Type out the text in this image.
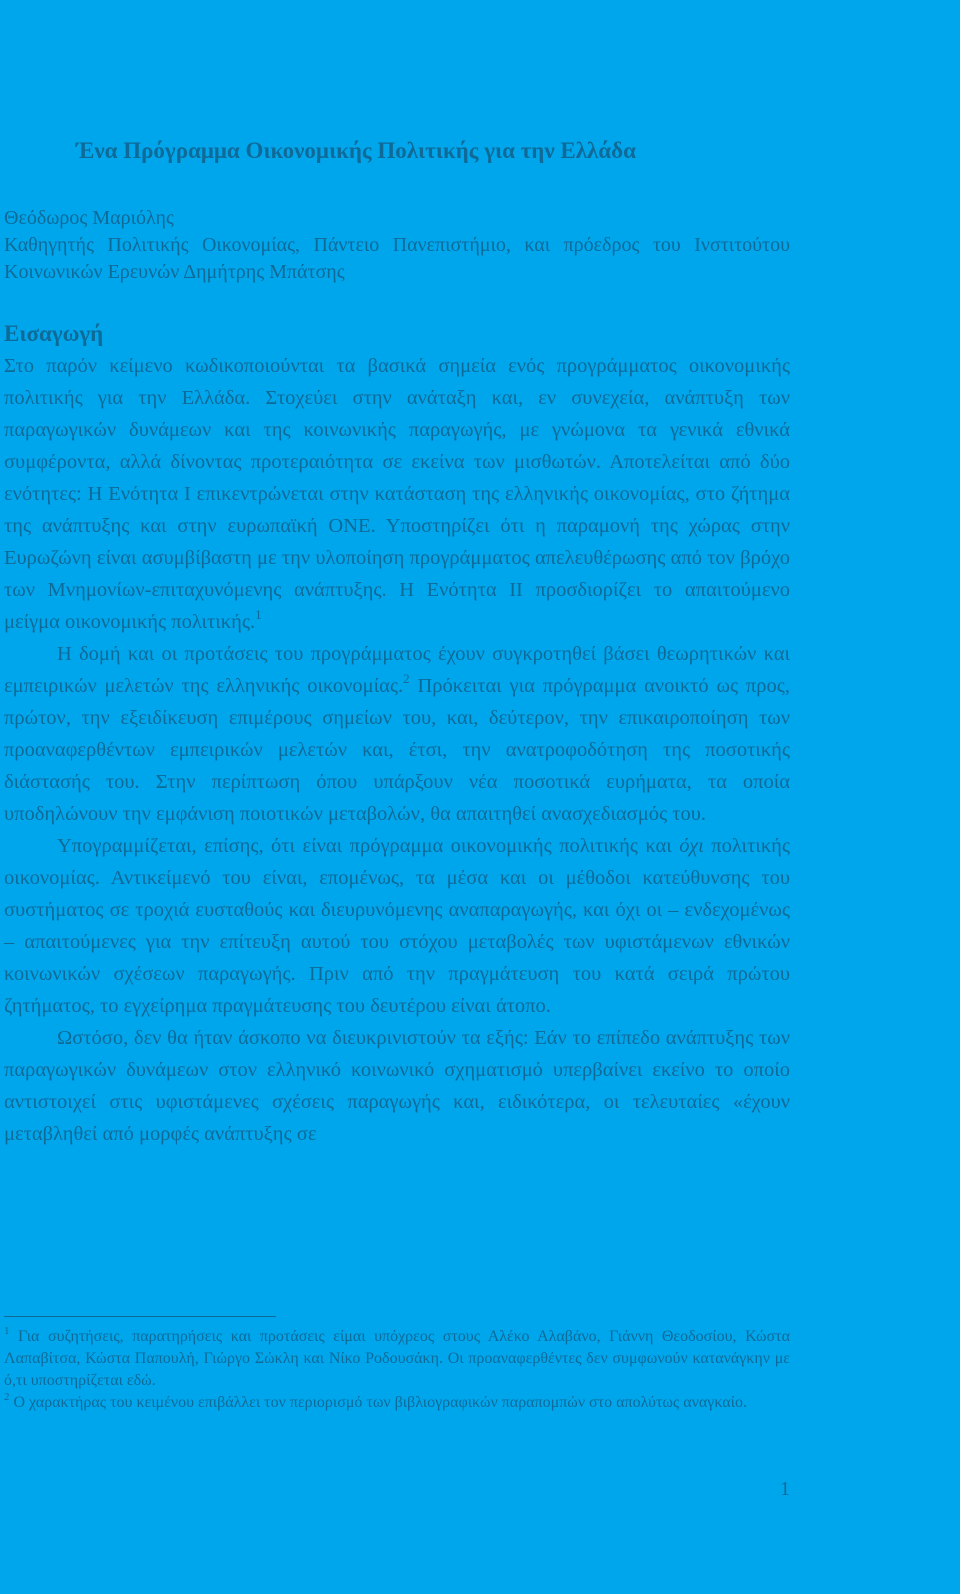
Ένα Πρόγραμμα Οικονομικής Πολιτικής για την Ελλάδα

Θεόδωρος Μαριόλης

Καθηγητής Πολιτικής Οικονομίας, Πάντειο Πανεπιστήμιο, και πρόεδρος του Ινστιτούτου Κοινωνικών Ερευνών Δημήτρης Μπάτσης

Εισαγωγή

Στο παρόν κείμενο κωδικοποιούνται τα βασικά σημεία ενός προγράμματος οικονομικής πολιτικής για την Ελλάδα. Στοχεύει στην ανάταξη και, εν συνεχεία, ανάπτυξη των παραγωγικών δυνάμεων και της κοινωνικής παραγωγής, με γνώμονα τα γενικά εθνικά συμφέροντα, αλλά δίνοντας προτεραιότητα σε εκείνα των μισθωτών. Αποτελείται από δύο ενότητες: Η Ενότητα Ι επικεντρώνεται στην κατάσταση της ελληνικής οικονομίας, στο ζήτημα της ανάπτυξης και στην ευρωπαϊκή ΟΝΕ. Υποστηρίζει ότι η παραμονή της χώρας στην Ευρωζώνη είναι ασυμβίβαστη με την υλοποίηση προγράμματος απελευθέρωσης από τον βρόχο των Μνημονίων-επιταχυνόμενης ανάπτυξης. Η Ενότητα ΙΙ προσδιορίζει το απαιτούμενο μείγμα οικονομικής πολιτικής.$^1$

Η δομή και οι προτάσεις του προγράμματος έχουν συγκροτηθεί βάσει θεωρητικών και εμπειρικών μελετών της ελληνικής οικονομίας.$^2$ Πρόκειται για πρόγραμμα ανοικτό ως προς, πρώτον, την εξειδίκευση επιμέρους σημείων του, και, δεύτερον, την επικαιροποίηση των προαναφερθέντων εμπειρικών μελετών και, έτσι, την ανατροφοδότηση της ποσοτικής διάστασής του. Στην περίπτωση όπου υπάρξουν νέα ποσοτικά ευρήματα, τα οποία υποδηλώνουν την εμφάνιση ποιοτικών μεταβολών, θα απαιτηθεί ανασχεδιασμός του.

Υπογραμμίζεται, επίσης, ότι είναι πρόγραμμα οικονομικής πολιτικής και όχι πολιτικής οικονομίας. Αντικείμενό του είναι, επομένως, τα μέσα και οι μέθοδοι κατεύθυνσης του συστήματος σε τροχιά ευσταθούς και διευρυνόμενης αναπαραγωγής, και όχι οι – ενδεχομένως – απαιτούμενες για την επίτευξη αυτού του στόχου μεταβολές των υφιστάμενων εθνικών κοινωνικών σχέσεων παραγωγής. Πριν από την πραγμάτευση του κατά σειρά πρώτου ζητήματος, το εγχείρημα πραγμάτευσης του δευτέρου είναι άτοπο.

Ωστόσο, δεν θα ήταν άσκοπο να διευκρινιστούν τα εξής: Εάν το επίπεδο ανάπτυξης των παραγωγικών δυνάμεων στον ελληνικό κοινωνικό σχηματισμό υπερβαίνει εκείνο το οποίο αντιστοιχεί στις υφιστάμενες σχέσεις παραγωγής και, ειδικότερα, οι τελευταίες «έχουν μεταβληθεί από μορφές ανάπτυξης σε

$^1$ Για συζητήσεις, παρατηρήσεις και προτάσεις είμαι υπόχρεος στους Αλέκο Αλαβάνο, Γιάννη Θεοδοσίου, Κώστα Λαπαβίτσα, Κώστα Παπουλή, Γιώργο Σώκλη και Νίκο Ροδουσάκη. Οι προαναφερθέντες δεν συμφωνούν κατανάγκην με ό,τι υποστηρίζεται εδώ.

$^2$ Ο χαρακτήρας του κειμένου επιβάλλει τον περιορισμό των βιβλιογραφικών παραπομπών στο απολύτως αναγκαίο.

1
